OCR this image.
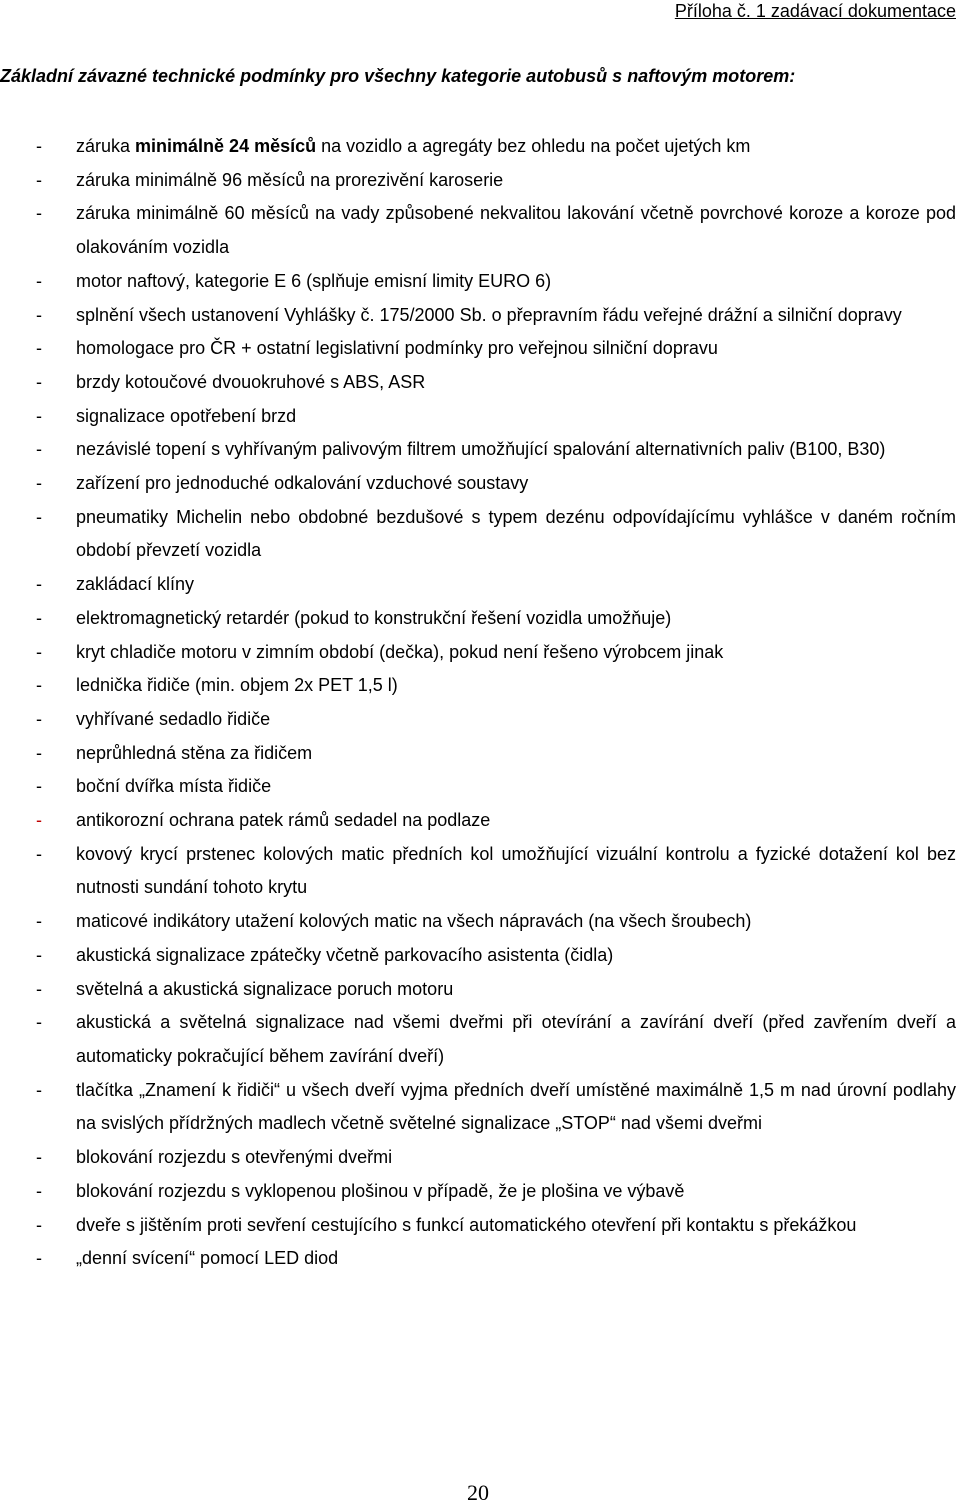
Příloha č. 1 zadávací dokumentace
Základní závazné technické podmínky pro všechny kategorie autobusů s naftovým motorem:
- záruka minimálně 24 měsíců na vozidlo a agregáty bez ohledu na počet ujetých km
- záruka minimálně 96 měsíců na prorezivění karoserie
- záruka minimálně 60 měsíců na vady způsobené nekvalitou lakování včetně povrchové koroze a koroze pod olakováním vozidla
- motor naftový, kategorie E 6 (splňuje emisní limity EURO 6)
- splnění všech ustanovení Vyhlášky č. 175/2000 Sb. o přepravním řádu veřejné drážní a silniční dopravy
- homologace pro ČR + ostatní legislativní podmínky pro veřejnou silniční dopravu
- brzdy kotoučové dvouokruhové s ABS, ASR
- signalizace opotřebení brzd
- nezávislé topení s vyhřívaným palivovým filtrem umožňující spalování alternativních paliv (B100, B30)
- zařízení pro jednoduché odkalování vzduchové soustavy
- pneumatiky Michelin nebo obdobné bezdušové s typem dezénu odpovídajícímu vyhlášce v daném ročním období převzetí vozidla
- zakládací klíny
- elektromagnetický retardér (pokud to konstrukční řešení vozidla umožňuje)
- kryt chladiče motoru v zimním období (dečka), pokud není řešeno výrobcem jinak
- lednička řidiče (min. objem 2x PET 1,5 l)
- vyhřívané sedadlo řidiče
- neprůhledná stěna za řidičem
- boční dvířka místa řidiče
- antikorozní ochrana patek rámů sedadel na podlaze
- kovový krycí prstenec kolových matic předních kol umožňující vizuální kontrolu a fyzické dotažení kol bez nutnosti sundání tohoto krytu
- maticové indikátory utažení kolových matic na všech nápravách (na všech šroubech)
- akustická signalizace zpátečky včetně parkovacího asistenta (čidla)
- světelná a akustická signalizace poruch motoru
- akustická a světelná signalizace nad všemi dveřmi při otevírání a zavírání dveří (před zavřením dveří a automaticky pokračující během zavírání dveří)
- tlačítka „Znamení k řidiči“ u všech dveří vyjma předních dveří umístěné maximálně 1,5 m nad úrovní podlahy na svislých přídržných madlech včetně světelné signalizace „STOP“ nad všemi dveřmi
- blokování rozjezdu s otevřenými dveřmi
- blokování rozjezdu s vyklopenou plošinou v případě, že je plošina ve výbavě
- dveře s jištěním proti sevření cestujícího s funkcí automatického otevření při kontaktu s překážkou
- „denní svícení“ pomocí LED diod
20
